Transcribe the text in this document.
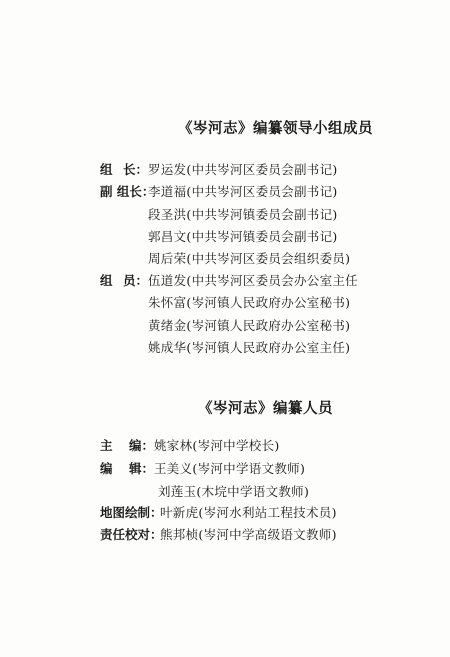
《岑河志》编纂领导小组成员
组 长： 罗运发(中共岑河区委员会副书记)
副 组 长：
李道福(中共岑河区委员会副书记)
段圣洪(中共岑河镇委员会副书记)
郭昌文(中共岑河镇委员会副书记)
周后荣(中共岑河区委员会组织委员)
组 员： 伍道发(中共岑河区委员会办公室主任
朱怀富(岑河镇人民政府办公室秘书)
黄绪金(岑河镇人民政府办公室秘书)
姚成华(岑河镇人民政府办公室主任)
《岑河志》编纂人员
主 编： 姚家林(岑河中学校长)
编 辑： 王美义(岑河中学语文教师)
刘莲玉(木垸中学语文教师)
地图绘制：
叶新虎(岑河水利站工程技术员)
责任校对：
熊邦桢(岑河中学高级语文教师)
